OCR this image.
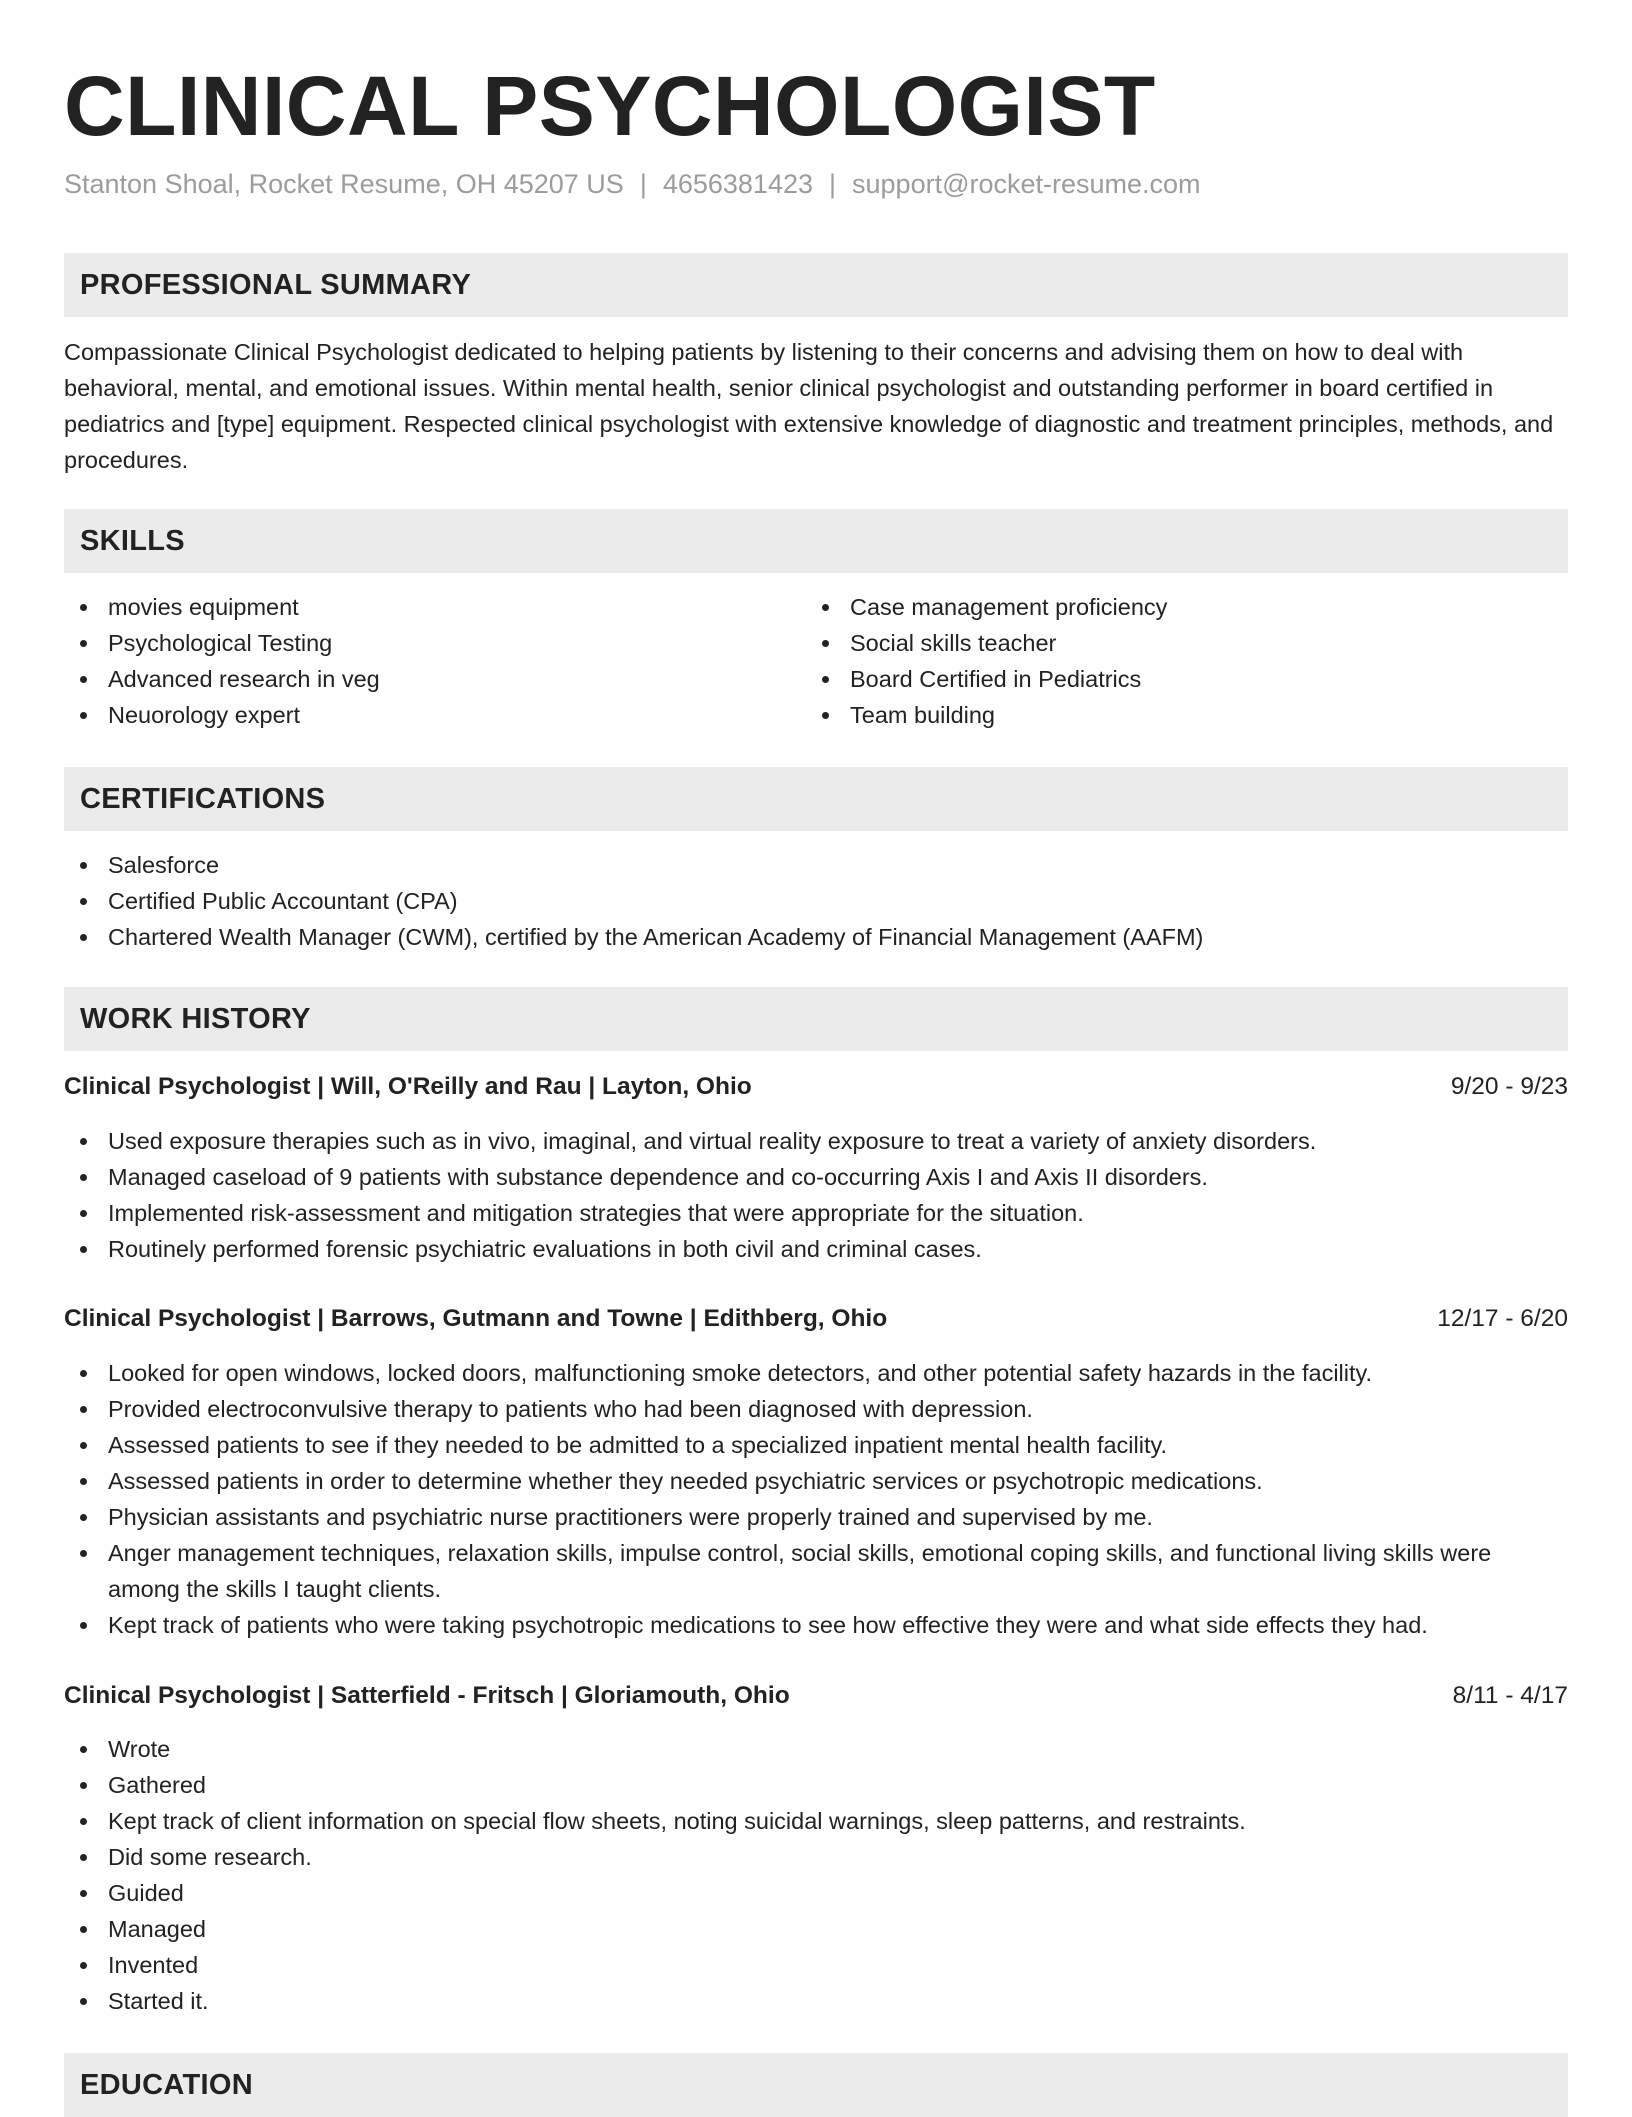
CLINICAL PSYCHOLOGIST
Stanton Shoal, Rocket Resume, OH 45207 US | 4656381423 | support@rocket-resume.com
PROFESSIONAL SUMMARY

Compassionate Clinical Psychologist dedicated to helping patients by listening to their concerns and advising them on how to deal with behavioral, mental, and emotional issues. Within mental health, senior clinical psychologist and outstanding performer in board certified in pediatrics and [type] equipment. Respected clinical psychologist with extensive knowledge of diagnostic and treatment principles, methods, and procedures.

SKILLS
movies equipment
Psychological Testing
Advanced research in veg
Neuorology expert
Case management proficiency
Social skills teacher
Board Certified in Pediatrics
Team building
CERTIFICATIONS
Salesforce
Certified Public Accountant (CPA)
Chartered Wealth Manager (CWM), certified by the American Academy of Financial Management (AAFM)
WORK HISTORY
Clinical Psychologist | Will, O'Reilly and Rau | Layton, Ohio	9/20 - 9/23
Used exposure therapies such as in vivo, imaginal, and virtual reality exposure to treat a variety of anxiety disorders.
Managed caseload of 9 patients with substance dependence and co-occurring Axis I and Axis II disorders.
Implemented risk-assessment and mitigation strategies that were appropriate for the situation.
Routinely performed forensic psychiatric evaluations in both civil and criminal cases.
Clinical Psychologist | Barrows, Gutmann and Towne | Edithberg, Ohio	12/17 - 6/20
Looked for open windows, locked doors, malfunctioning smoke detectors, and other potential safety hazards in the facility.
Provided electroconvulsive therapy to patients who had been diagnosed with depression.
Assessed patients to see if they needed to be admitted to a specialized inpatient mental health facility.
Assessed patients in order to determine whether they needed psychiatric services or psychotropic medications.
Physician assistants and psychiatric nurse practitioners were properly trained and supervised by me.
Anger management techniques, relaxation skills, impulse control, social skills, emotional coping skills, and functional living skills were among the skills I taught clients.
Kept track of patients who were taking psychotropic medications to see how effective they were and what side effects they had.
Clinical Psychologist | Satterfield - Fritsch | Gloriamouth, Ohio	8/11 - 4/17
Wrote
Gathered
Kept track of client information on special flow sheets, noting suicidal warnings, sleep patterns, and restraints.
Did some research.
Guided
Managed
Invented
Started it.
EDUCATION
